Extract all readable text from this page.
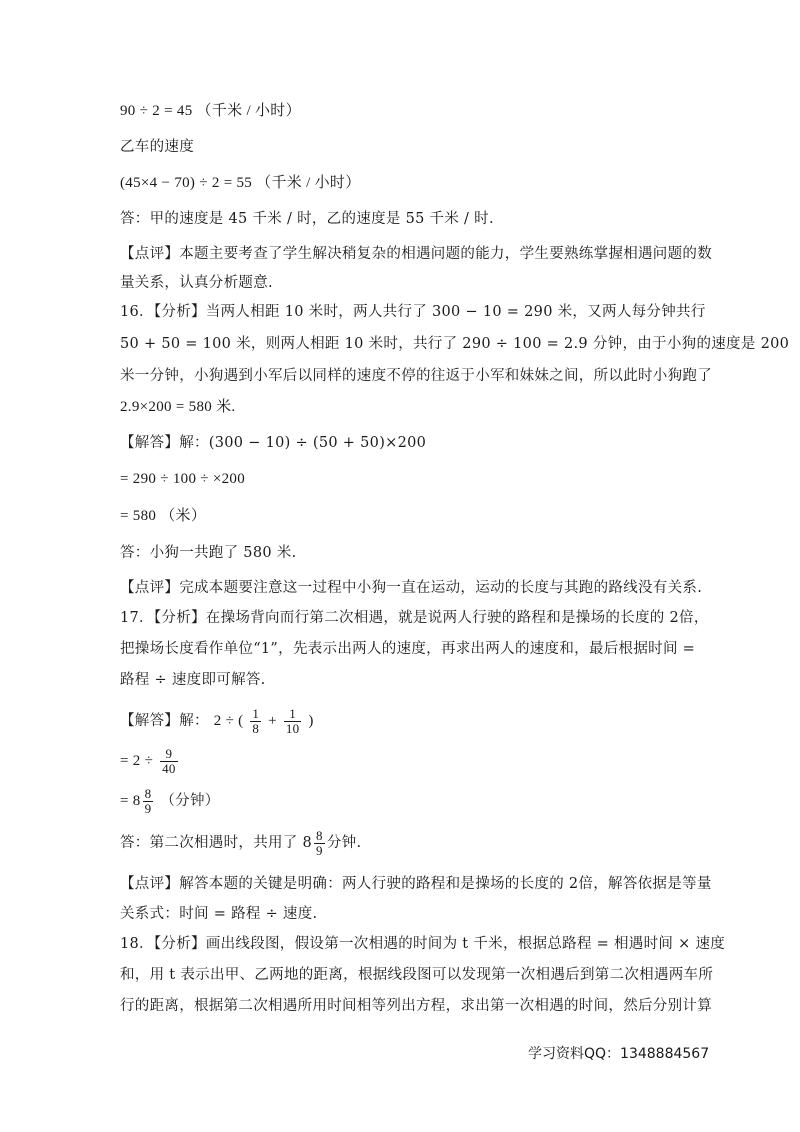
90 ÷ 2 = 45 （千米 / 小时）
乙车的速度
(45×4 − 70) ÷ 2 = 55 （千米 / 小时）
答：甲的速度是 45 千米 / 时，乙的速度是 55 千米 / 时.
【点评】本题主要考查了学生解决稍复杂的相遇问题的能力，学生要熟练掌握相遇问题的数
量关系，认真分析题意.
16．【分析】当两人相距 10 米时，两人共行了 300 − 10 = 290 米，又两人每分钟共行
50 + 50 = 100 米，则两人相距 10 米时，共行了 290 ÷ 100 = 2.9 分钟，由于小狗的速度是 200
米一分钟，小狗遇到小军后以同样的速度不停的往返于小军和妹妹之间，所以此时小狗跑了
2.9×200 = 580 米.
【解答】解：(300 − 10) ÷ (50 + 50)×200
= 290 ÷ 100 ÷ ×200
= 580 （米）
答：小狗一共跑了 580 米.
【点评】完成本题要注意这一过程中小狗一直在运动，运动的长度与其跑的路线没有关系.
17．【分析】在操场背向而行第二次相遇，就是说两人行驶的路程和是操场的长度的 2倍，
把操场长度看作单位“1”，先表示出两人的速度，再求出两人的速度和，最后根据时间 =
路程 ÷ 速度即可解答.
【解答】解： 2 ÷ ( $\frac{1}{8} + \frac{1}{10}$ )
= $2 \div \frac{9}{40}$
= $8 \frac{8}{9}$ （分钟）
答：第二次相遇时，共用了 $8 \frac{8}{9}$ 分钟.
【点评】解答本题的关键是明确：两人行驶的路程和是操场的长度的 2倍，解答依据是等量
关系式：时间 = 路程 ÷ 速度.
18．【分析】画出线段图，假设第一次相遇的时间为 t 千米，根据总路程 = 相遇时间 × 速度
和，用 t 表示出甲、乙两地的距离，根据线段图可以发现第一次相遇后到第二次相遇两车所
行的距离，根据第二次相遇所用时间相等列出方程，求出第一次相遇的时间，然后分别计算
学习资料QQ：1348884567
